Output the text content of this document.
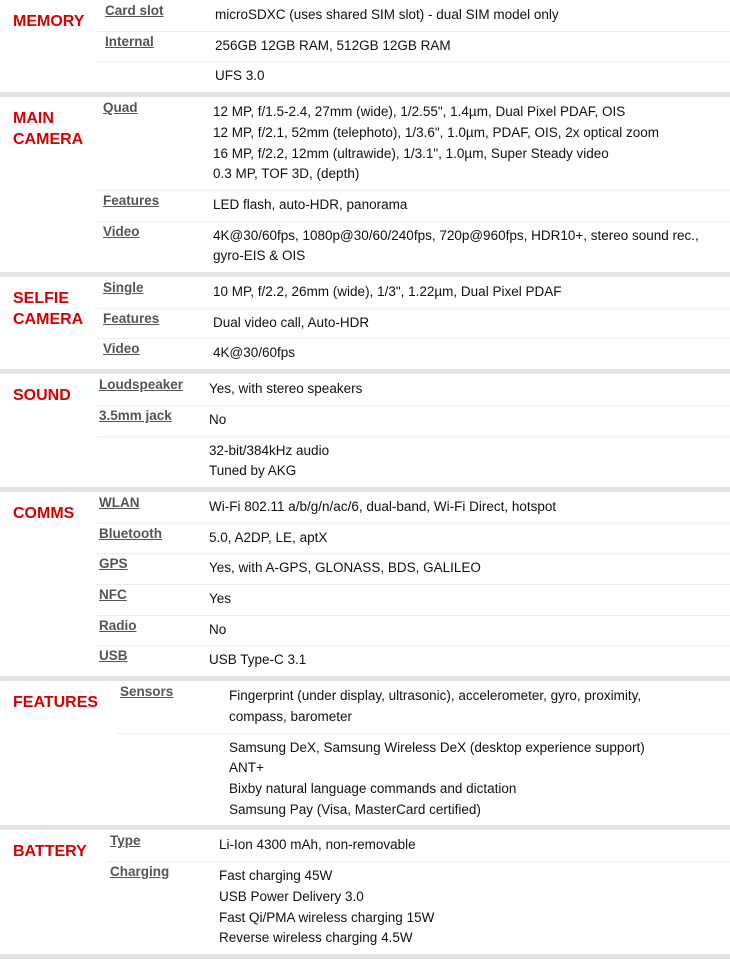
MEMORY
Card slot	microSDXC (uses shared SIM slot) - dual SIM model only
Internal	256GB 12GB RAM, 512GB 12GB RAM
UFS 3.0
MAIN
CAMERA
Quad	12 MP, f/1.5-2.4, 27mm (wide), 1/2.55", 1.4µm, Dual Pixel PDAF, OIS
12 MP, f/2.1, 52mm (telephoto), 1/3.6", 1.0µm, PDAF, OIS, 2x optical zoom
16 MP, f/2.2, 12mm (ultrawide), 1/3.1", 1.0µm, Super Steady video
0.3 MP, TOF 3D, (depth)
Features	LED flash, auto-HDR, panorama
Video	4K@30/60fps, 1080p@30/60/240fps, 720p@960fps, HDR10+, stereo sound rec.,
gyro-EIS & OIS
SELFIE
CAMERA
Single	10 MP, f/2.2, 26mm (wide), 1/3", 1.22µm, Dual Pixel PDAF
Features	Dual video call, Auto-HDR
Video	4K@30/60fps
SOUND
Loudspeaker Yes, with stereo speakers
3.5mm jack	No
32-bit/384kHz audio
Tuned by AKG
COMMS
WLAN	Wi-Fi 802.11 a/b/g/n/ac/6, dual-band, Wi-Fi Direct, hotspot
Bluetooth	5.0, A2DP, LE, aptX
GPS	Yes, with A-GPS, GLONASS, BDS, GALILEO
NFC	Yes
Radio	No
USB	USB Type-C 3.1
FEATURES
Sensors	Fingerprint (under display, ultrasonic), accelerometer, gyro, proximity,
compass, barometer
Samsung DeX, Samsung Wireless DeX (desktop experience support)
ANT+
Bixby natural language commands and dictation
Samsung Pay (Visa, MasterCard certified)
BATTERY
Type	Li-Ion 4300 mAh, non-removable
Charging	Fast charging 45W
USB Power Delivery 3.0
Fast Qi/PMA wireless charging 15W
Reverse wireless charging 4.5W
